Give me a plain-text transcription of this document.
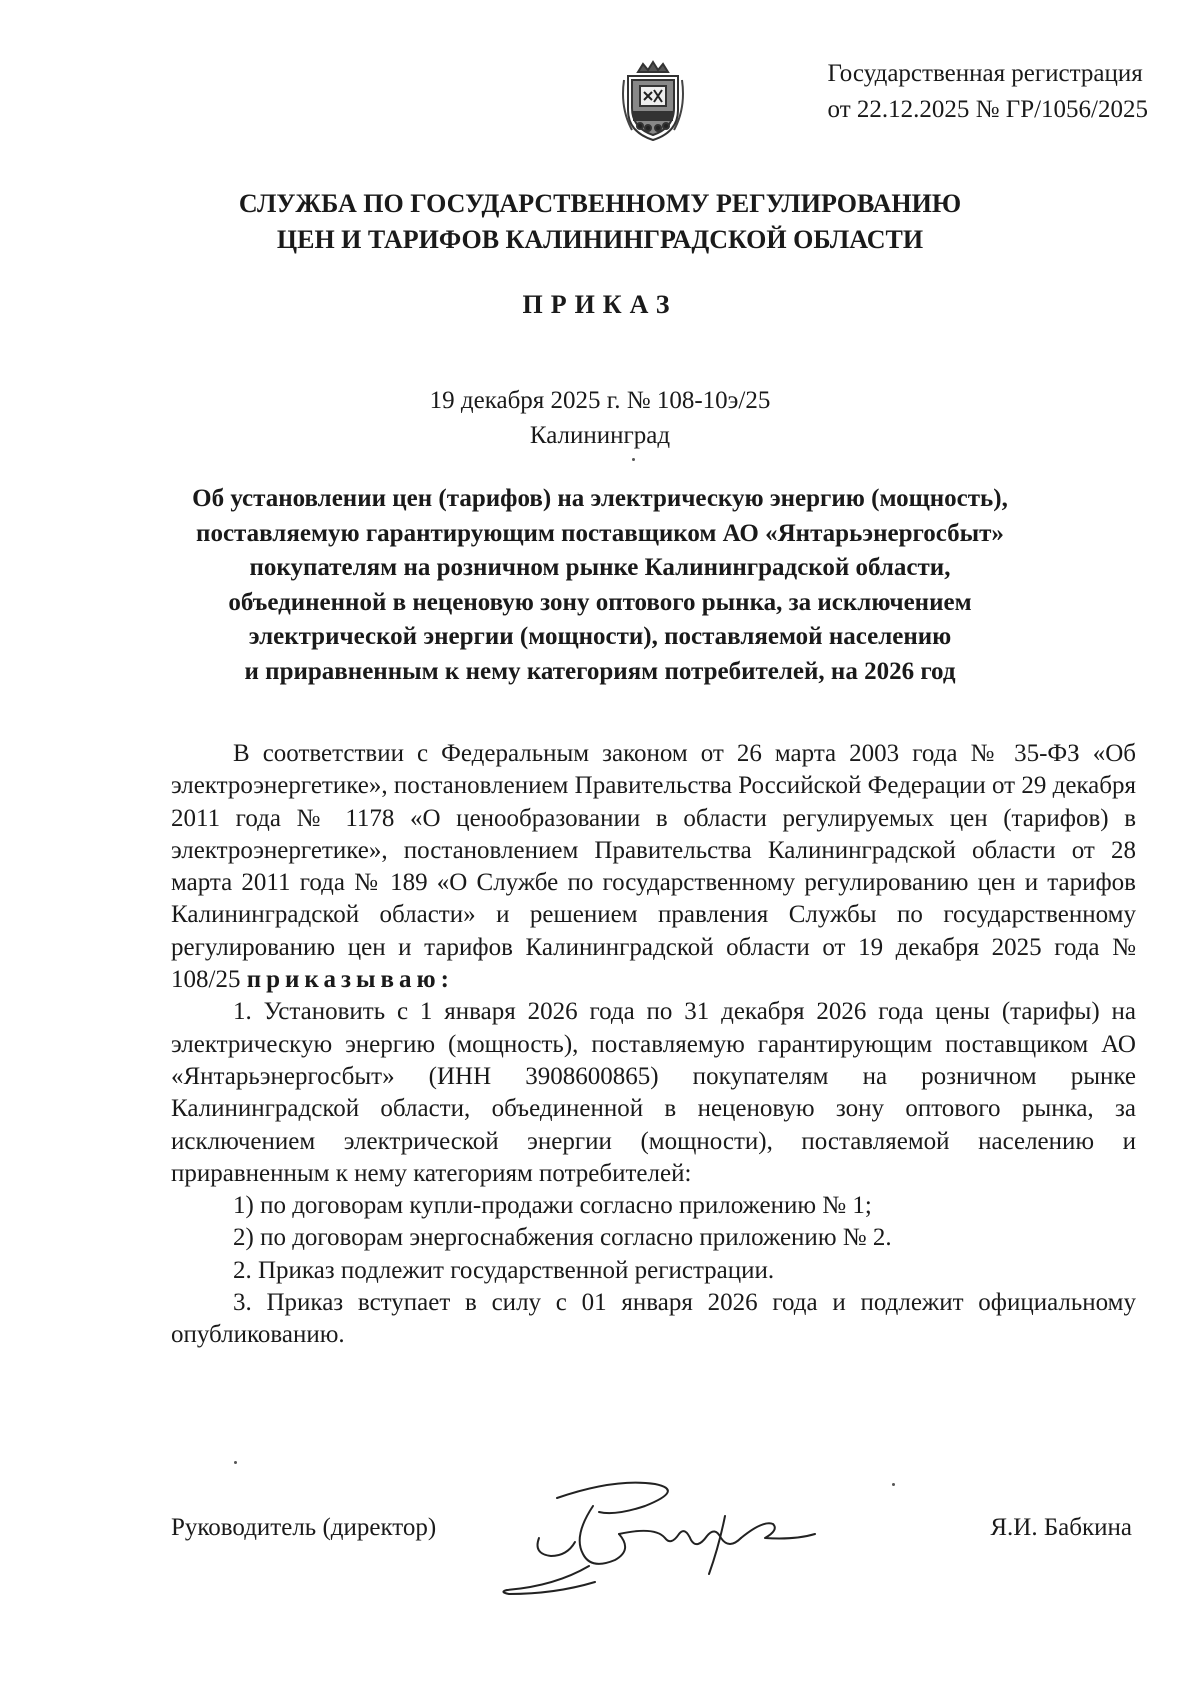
Государственная регистрация
от 22.12.2025 № ГР/1056/2025
СЛУЖБА ПО ГОСУДАРСТВЕННОМУ РЕГУЛИРОВАНИЮ
ЦЕН И ТАРИФОВ КАЛИНИНГРАДСКОЙ ОБЛАСТИ
ПРИКАЗ
19 декабря 2025 г. № 108-10э/25
Калининград
Об установлении цен (тарифов) на электрическую энергию (мощность),
поставляемую гарантирующим поставщиком АО «Янтарьэнергосбыт»
покупателям на розничном рынке Калининградской области,
объединенной в неценовую зону оптового рынка, за исключением
электрической энергии (мощности), поставляемой населению
и приравненным к нему категориям потребителей, на 2026 год

В соответствии с Федеральным законом от 26 марта 2003 года № 35-ФЗ «Об электроэнергетике», постановлением Правительства Российской Федерации от 29 декабря 2011 года № 1178 «О ценообразовании в области регулируемых цен (тарифов) в электроэнергетике», постановлением Правительства Калининградской области от 28 марта 2011 года № 189 «О Службе по государственному регулированию цен и тарифов Калининградской области» и решением правления Службы по государственному регулированию цен и тарифов Калининградской области от 19 декабря 2025 года № 108/25 приказываю:

1. Установить с 1 января 2026 года по 31 декабря 2026 года цены (тарифы) на электрическую энергию (мощность), поставляемую гарантирующим поставщиком АО «Янтарьэнергосбыт» (ИНН 3908600865) покупателям на розничном рынке Калининградской области, объединенной в неценовую зону оптового рынка, за исключением электрической энергии (мощности), поставляемой населению и приравненным к нему категориям потребителей:

1) по договорам купли-продажи согласно приложению № 1;

2) по договорам энергоснабжения согласно приложению № 2.

2. Приказ подлежит государственной регистрации.

3. Приказ вступает в силу с 01 января 2026 года и подлежит официальному опубликованию.

Руководитель (директор)	Я.И. Бабкина
